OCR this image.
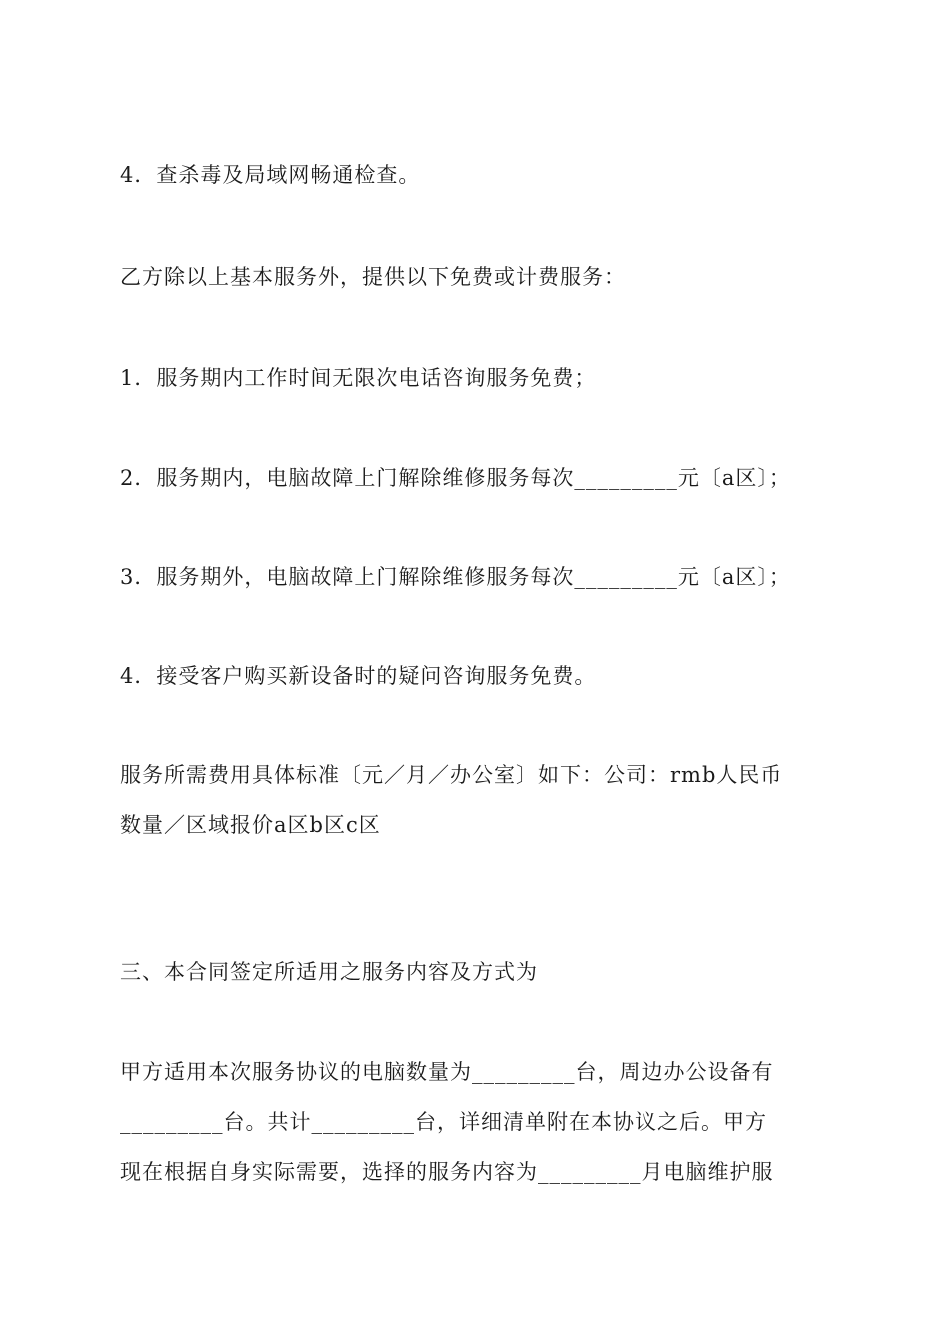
4．查杀毒及局域网畅通检查。
乙方除以上基本服务外，提供以下免费或计费服务：
1．服务期内工作时间无限次电话咨询服务免费；
2．服务期内，电脑故障上门解除维修服务每次_________元〔a区〕；
3．服务期外，电脑故障上门解除维修服务每次_________元〔a区〕；
4．接受客户购买新设备时的疑问咨询服务免费。
服务所需费用具体标准〔元／月／办公室〕如下：公司：rmb人民币
数量／区域报价a区b区c区
三、本合同签定所适用之服务内容及方式为
甲方适用本次服务协议的电脑数量为_________台，周边办公设备有
_________台。共计_________台，详细清单附在本协议之后。甲方
现在根据自身实际需要，选择的服务内容为_________月电脑维护服
